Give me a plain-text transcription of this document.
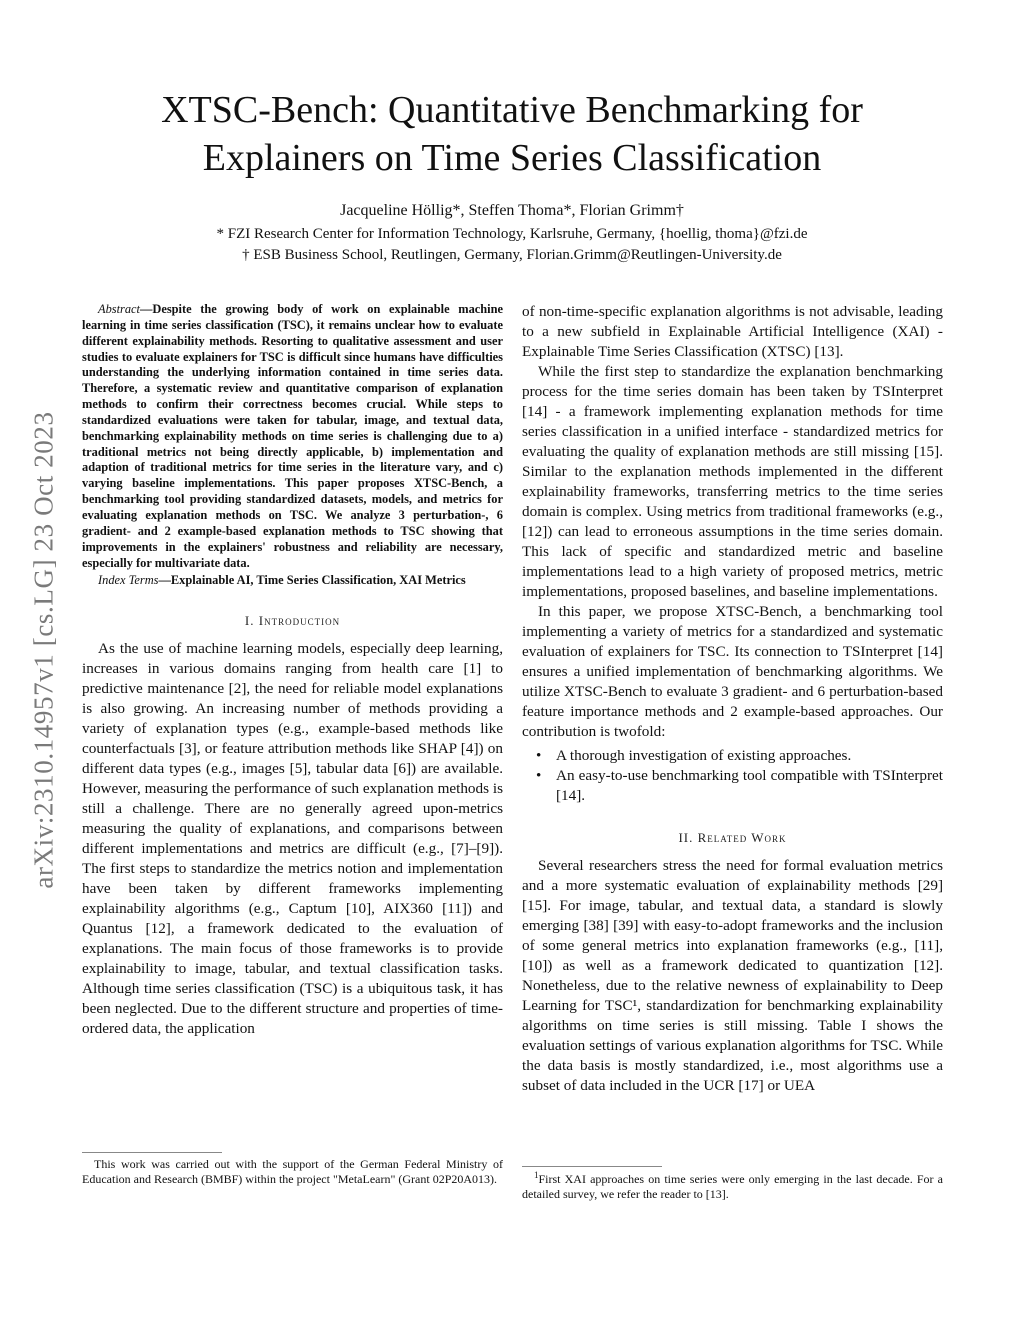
arXiv:2310.14957v1 [cs.LG] 23 Oct 2023
XTSC-Bench: Quantitative Benchmarking for Explainers on Time Series Classification
Jacqueline Höllig*, Steffen Thoma*, Florian Grimm†
* FZI Research Center for Information Technology, Karlsruhe, Germany, {hoellig, thoma}@fzi.de
† ESB Business School, Reutlingen, Germany, Florian.Grimm@Reutlingen-University.de

Abstract—Despite the growing body of work on explainable machine learning in time series classification (TSC), it remains unclear how to evaluate different explainability methods. Resorting to qualitative assessment and user studies to evaluate explainers for TSC is difficult since humans have difficulties understanding the underlying information contained in time series data. Therefore, a systematic review and quantitative comparison of explanation methods to confirm their correctness becomes crucial. While steps to standardized evaluations were taken for tabular, image, and textual data, benchmarking explainability methods on time series is challenging due to a) traditional metrics not being directly applicable, b) implementation and adaption of traditional metrics for time series in the literature vary, and c) varying baseline implementations. This paper proposes XTSC-Bench, a benchmarking tool providing standardized datasets, models, and metrics for evaluating explanation methods on TSC. We analyze 3 perturbation-, 6 gradient- and 2 example-based explanation methods to TSC showing that improvements in the explainers' robustness and reliability are necessary, especially for multivariate data.

Index Terms—Explainable AI, Time Series Classification, XAI Metrics

I. Introduction

As the use of machine learning models, especially deep learning, increases in various domains ranging from health care [1] to predictive maintenance [2], the need for reliable model explanations is also growing. An increasing number of methods providing a variety of explanation types (e.g., example-based methods like counterfactuals [3], or feature attribution methods like SHAP [4]) on different data types (e.g., images [5], tabular data [6]) are available. However, measuring the performance of such explanation methods is still a challenge. There are no generally agreed upon-metrics measuring the quality of explanations, and comparisons between different implementations and metrics are difficult (e.g., [7]–[9]). The first steps to standardize the metrics notion and implementation have been taken by different frameworks implementing explainability algorithms (e.g., Captum [10], AIX360 [11]) and Quantus [12], a framework dedicated to the evaluation of explanations. The main focus of those frameworks is to provide explainability to image, tabular, and textual classification tasks. Although time series classification (TSC) is a ubiquitous task, it has been neglected. Due to the different structure and properties of time-ordered data, the application

of non-time-specific explanation algorithms is not advisable, leading to a new subfield in Explainable Artificial Intelligence (XAI) - Explainable Time Series Classification (XTSC) [13].

While the first step to standardize the explanation benchmarking process for the time series domain has been taken by TSInterpret [14] - a framework implementing explanation methods for time series classification in a unified interface - standardized metrics for evaluating the quality of explanation methods are still missing [15]. Similar to the explanation methods implemented in the different explainability frameworks, transferring metrics to the time series domain is complex. Using metrics from traditional frameworks (e.g., [12]) can lead to erroneous assumptions in the time series domain. This lack of specific and standardized metric and baseline implementations lead to a high variety of proposed metrics, metric implementations, proposed baselines, and baseline implementations.

In this paper, we propose XTSC-Bench, a benchmarking tool implementing a variety of metrics for a standardized and systematic evaluation of explainers for TSC. Its connection to TSInterpret [14] ensures a unified implementation of benchmarking algorithms. We utilize XTSC-Bench to evaluate 3 gradient- and 6 perturbation-based feature importance methods and 2 example-based approaches. Our contribution is twofold:

• A thorough investigation of existing approaches.
• An easy-to-use benchmarking tool compatible with TSInterpret [14].
II. Related Work

Several researchers stress the need for formal evaluation metrics and a more systematic evaluation of explainability methods [29] [15]. For image, tabular, and textual data, a standard is slowly emerging [38] [39] with easy-to-adopt frameworks and the inclusion of some general metrics into explanation frameworks (e.g., [11], [10]) as well as a framework dedicated to quantization [12]. Nonetheless, due to the relative newness of explainability to Deep Learning for TSC¹, standardization for benchmarking explainability algorithms on time series is still missing. Table I shows the evaluation settings of various explanation algorithms for TSC. While the data basis is mostly standardized, i.e., most algorithms use a subset of data included in the UCR [17] or UEA

This work was carried out with the support of the German Federal Ministry of Education and Research (BMBF) within the project "MetaLearn" (Grant 02P20A013).	$^1$First XAI approaches on time series were only emerging in the last decade. For a detailed survey, we refer the reader to [13].
